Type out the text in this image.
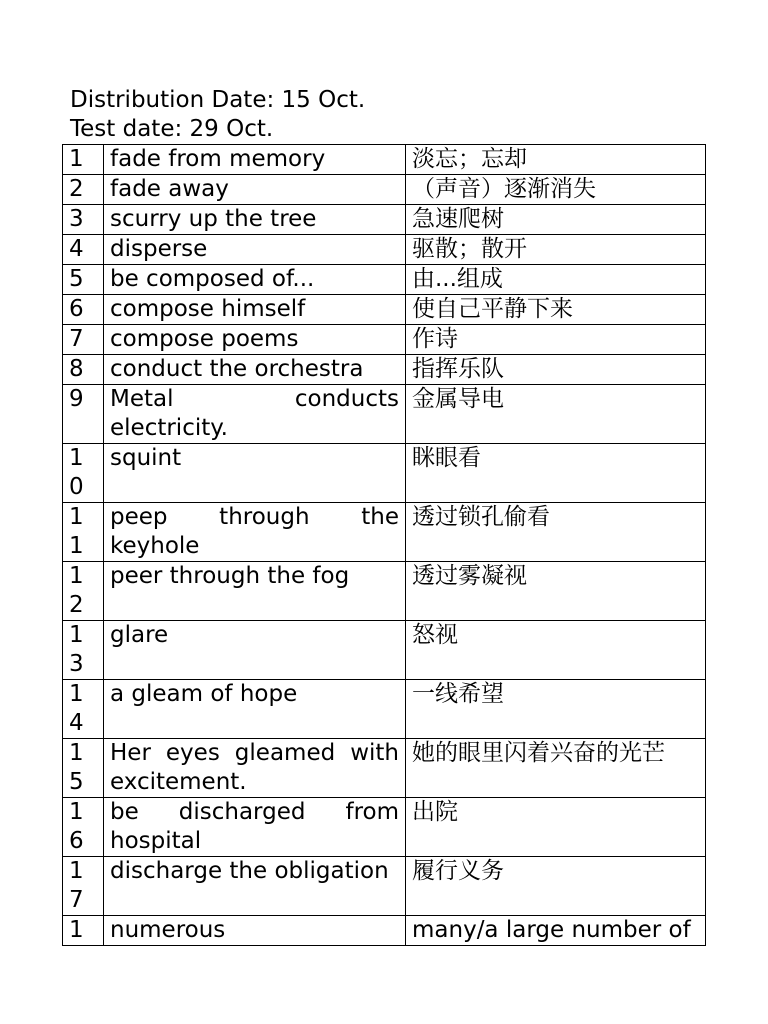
Distribution Date: 15 Oct.
Test date: 29 Oct.
1	fade from memory	淡忘；忘却
2	fade away	（声音）逐渐消失
3	scurry up the tree	急速爬树
4	disperse	驱散；散开
5	be composed of...	由...组成
6	compose himself	使自己平静下来
7	compose poems	作诗
8	conduct the orchestra	指挥乐队
9	Metal conducts electricity.	金属导电
10	squint	眯眼看
11	peep through the keyhole	透过锁孔偷看
12	peer through the fog	透过雾凝视
13	glare	怒视
14	a gleam of hope	一线希望
15	Her eyes gleamed with excitement.	她的眼里闪着兴奋的光芒
16	be discharged from hospital	出院
17	discharge the obligation	履行义务
1	numerous	many/a large number of
